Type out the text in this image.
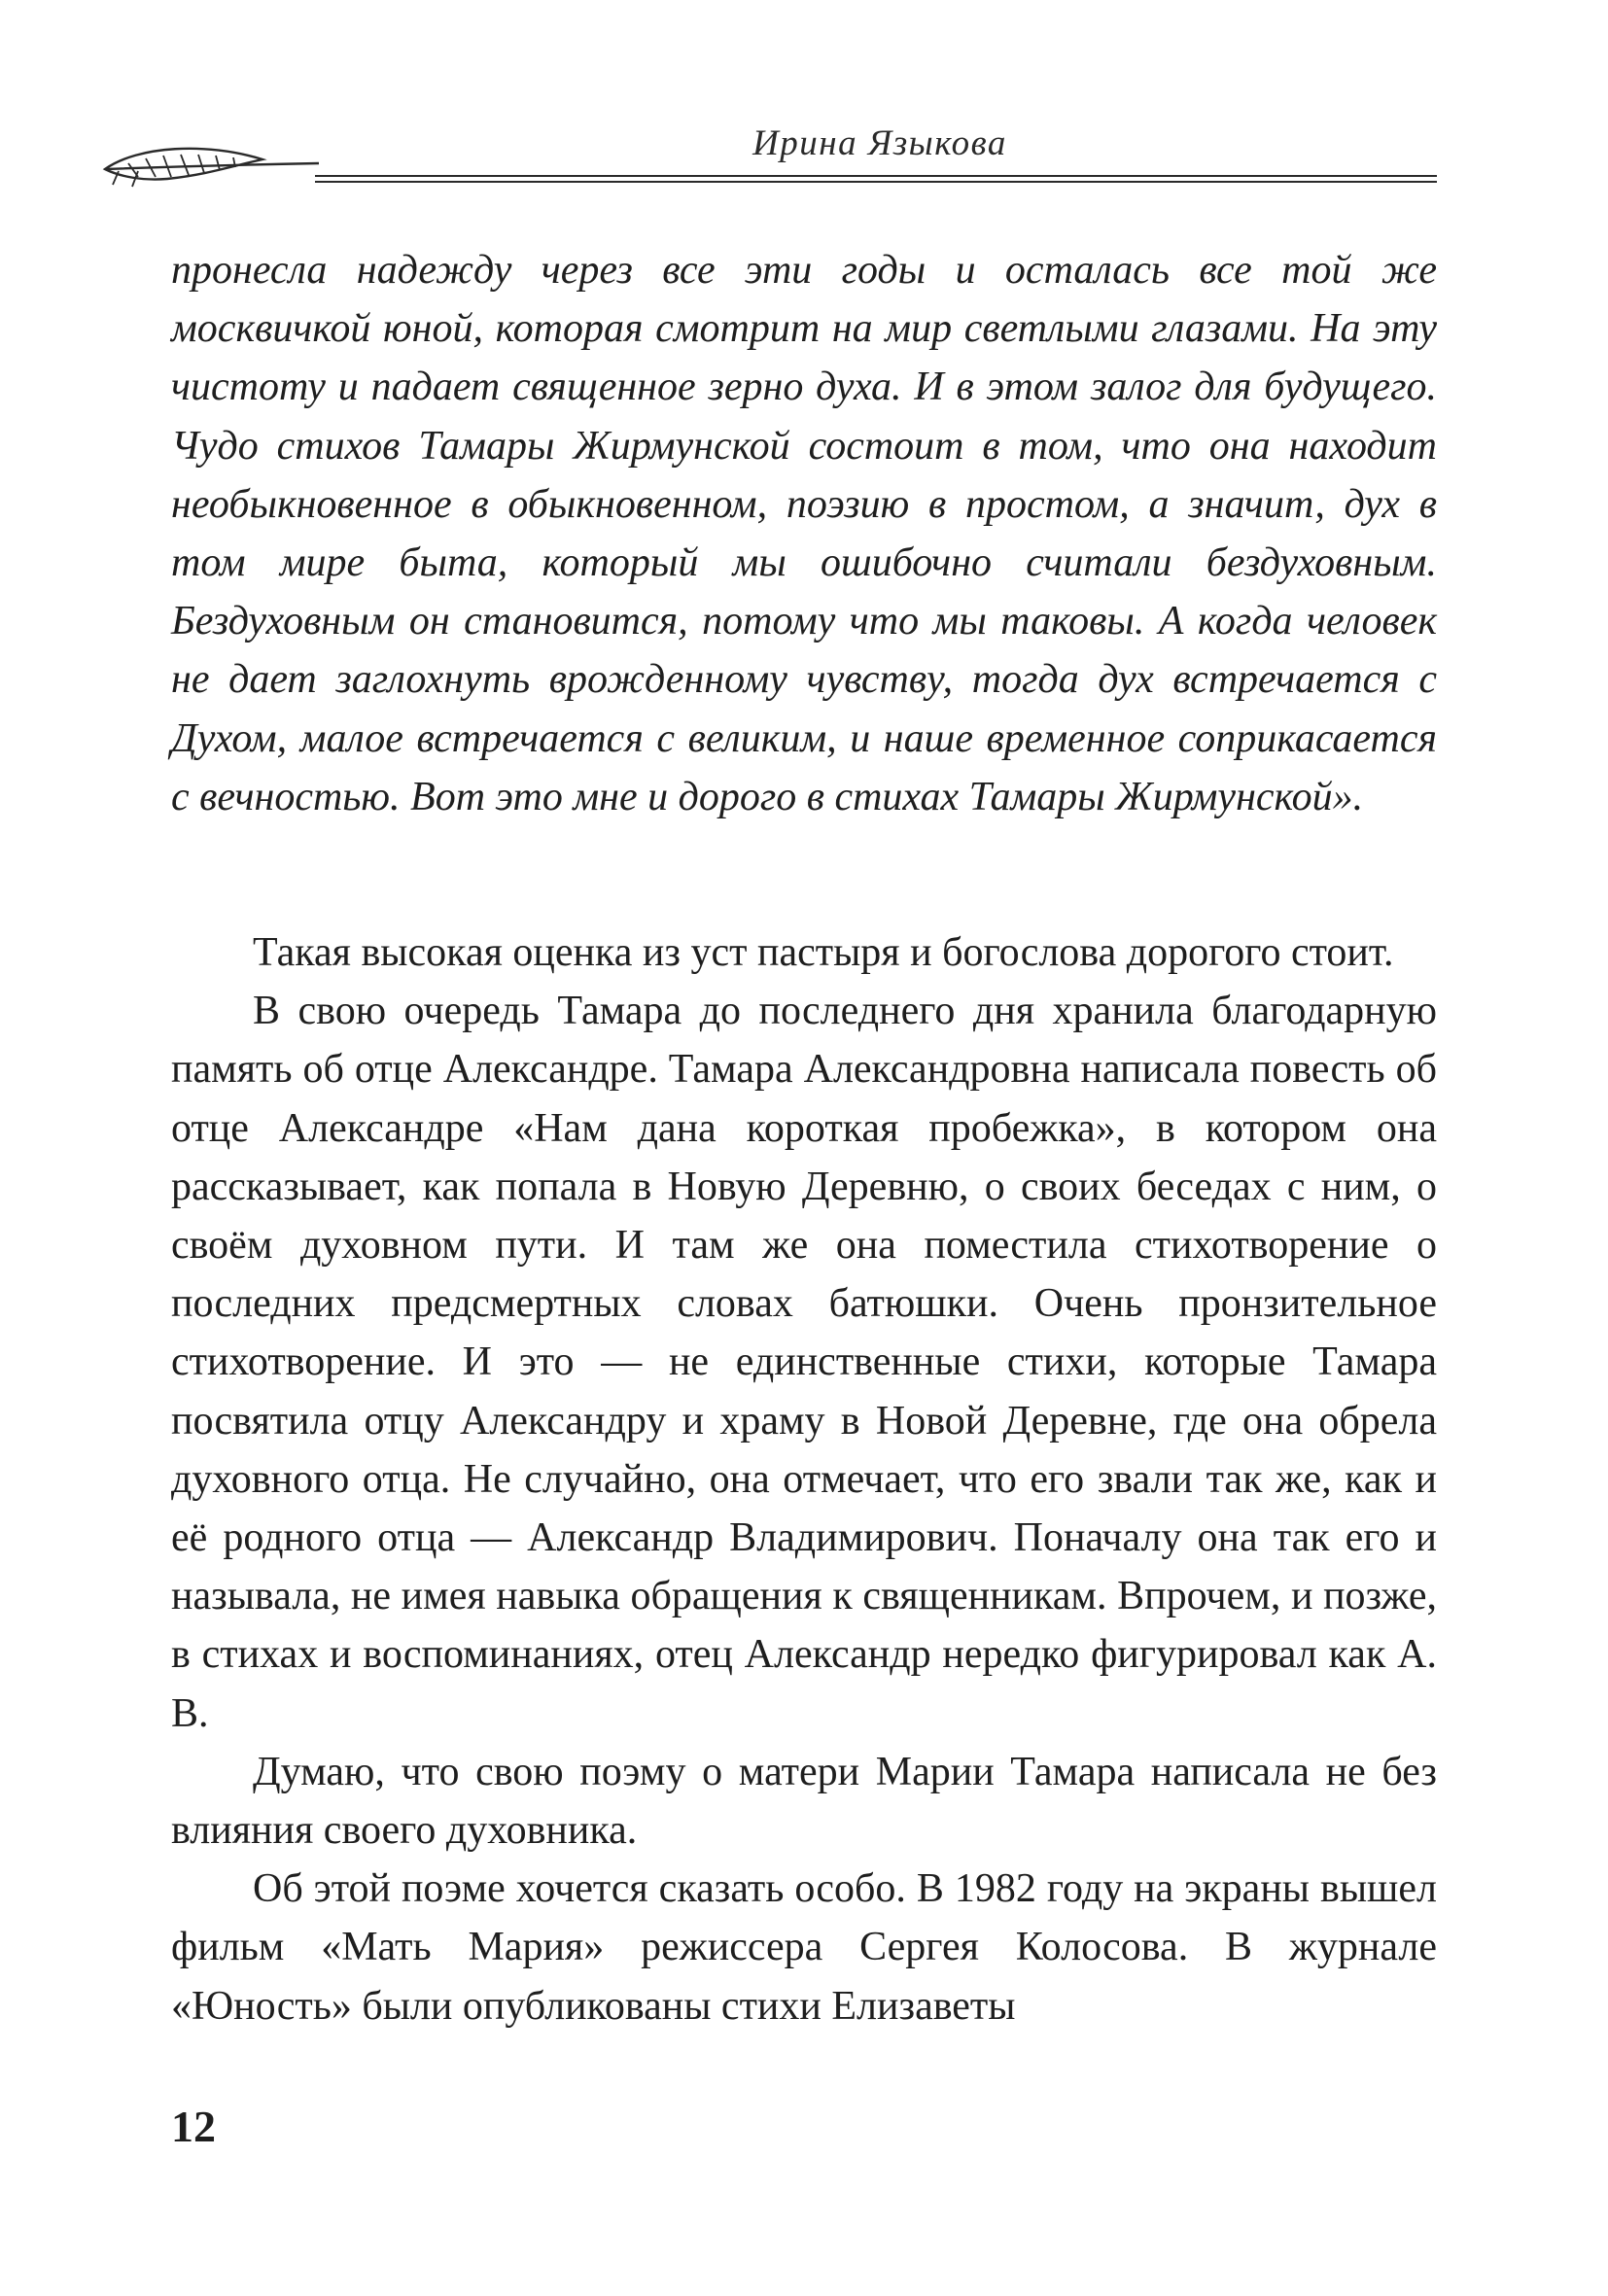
Ирина Языкова

пронесла надежду через все эти годы и осталась все той же москвичкой юной, которая смотрит на мир светлыми глазами. На эту чистоту и падает священное зерно духа. И в этом залог для будущего. Чудо стихов Тамары Жирмунской состоит в том, что она находит необыкновенное в обыкновенном, поэзию в простом, а значит, дух в том мире быта, который мы ошибочно считали бездуховным. Бездуховным он становится, потому что мы таковы. А когда человек не дает заглохнуть врожденному чувству, тогда дух встречается с Духом, малое встречается с великим, и наше временное соприкасается с вечностью. Вот это мне и дорого в стихах Тамары Жирмунской».

Такая высокая оценка из уст пастыря и богослова дорогого стоит.

В свою очередь Тамара до последнего дня хранила благодарную память об отце Александре. Тамара Александровна написала повесть об отце Александре «Нам дана короткая пробежка», в котором она рассказывает, как попала в Новую Деревню, о своих беседах с ним, о своём духовном пути. И там же она поместила стихотворение о последних предсмертных словах батюшки. Очень пронзительное стихотворение. И это — не единственные стихи, которые Тамара посвятила отцу Александру и храму в Новой Деревне, где она обрела духовного отца. Не случайно, она отмечает, что его звали так же, как и её родного отца — Александр Владимирович. Поначалу она так его и называла, не имея навыка обращения к священникам. Впрочем, и позже, в стихах и воспоминаниях, отец Александр нередко фигурировал как А. В.

Думаю, что свою поэму о матери Марии Тамара написала не без влияния своего духовника.

Об этой поэме хочется сказать особо. В 1982 году на экраны вышел фильм «Мать Мария» режиссера Сергея Колосова. В журнале «Юность» были опубликованы стихи Елизаветы

12
